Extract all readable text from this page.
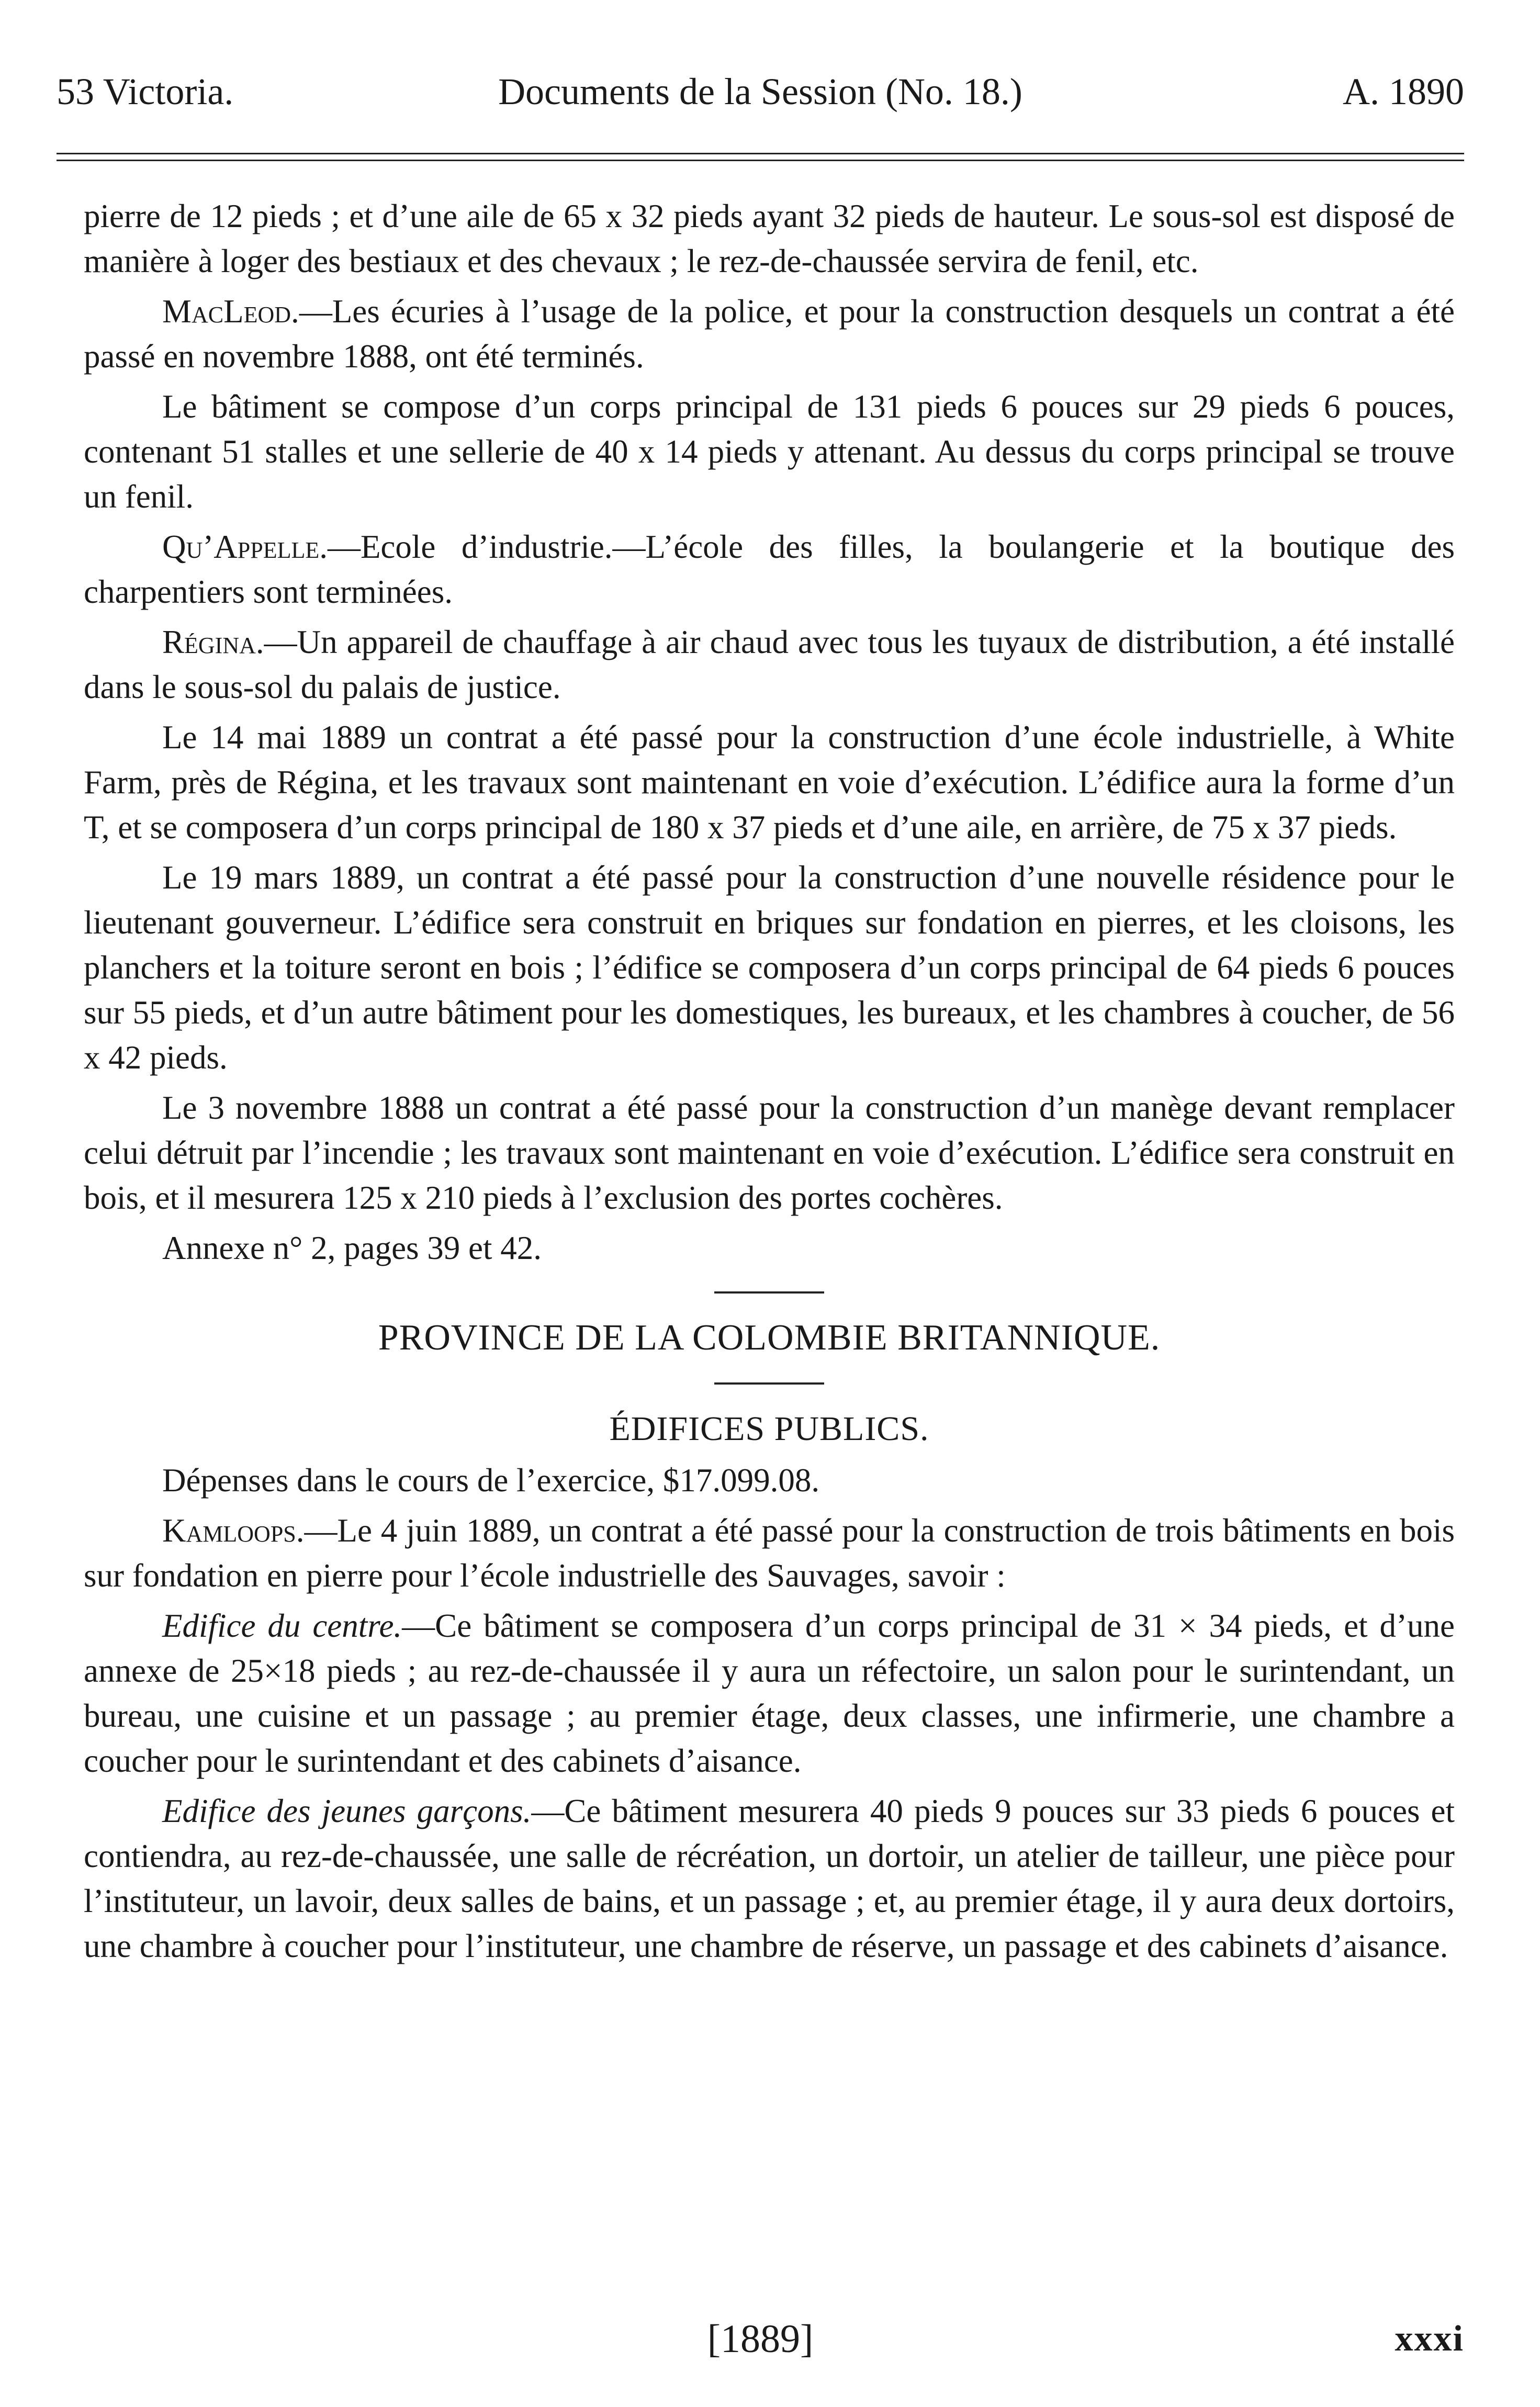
53 Victoria.	Documents de la Session (No. 18.)	A. 1890

pierre de 12 pieds ; et d’une aile de 65 x 32 pieds ayant 32 pieds de hauteur. Le sous-sol est disposé de manière à loger des bestiaux et des chevaux ; le rez-de-chaussée servira de fenil, etc.

MacLeod.—Les écuries à l’usage de la police, et pour la construction desquels un contrat a été passé en novembre 1888, ont été terminés.

Le bâtiment se compose d’un corps principal de 131 pieds 6 pouces sur 29 pieds 6 pouces, contenant 51 stalles et une sellerie de 40 x 14 pieds y attenant. Au dessus du corps principal se trouve un fenil.

Qu’Appelle.—Ecole d’industrie.—L’école des filles, la boulangerie et la boutique des charpentiers sont terminées.

Régina.—Un appareil de chauffage à air chaud avec tous les tuyaux de distribution, a été installé dans le sous-sol du palais de justice.

Le 14 mai 1889 un contrat a été passé pour la construction d’une école industrielle, à White Farm, près de Régina, et les travaux sont maintenant en voie d’exécution. L’édifice aura la forme d’un T, et se composera d’un corps principal de 180 x 37 pieds et d’une aile, en arrière, de 75 x 37 pieds.

Le 19 mars 1889, un contrat a été passé pour la construction d’une nouvelle résidence pour le lieutenant gouverneur. L’édifice sera construit en briques sur fondation en pierres, et les cloisons, les planchers et la toiture seront en bois ; l’édifice se composera d’un corps principal de 64 pieds 6 pouces sur 55 pieds, et d’un autre bâtiment pour les domestiques, les bureaux, et les chambres à coucher, de 56 x 42 pieds.

Le 3 novembre 1888 un contrat a été passé pour la construction d’un manège devant remplacer celui détruit par l’incendie ; les travaux sont maintenant en voie d’exécution. L’édifice sera construit en bois, et il mesurera 125 x 210 pieds à l’exclusion des portes cochères.

Annexe n° 2, pages 39 et 42.

PROVINCE DE LA COLOMBIE BRITANNIQUE.

ÉDIFICES PUBLICS.

Dépenses dans le cours de l’exercice, $17.099.08.

Kamloops.—Le 4 juin 1889, un contrat a été passé pour la construction de trois bâtiments en bois sur fondation en pierre pour l’école industrielle des Sauvages, savoir :

Edifice du centre.—Ce bâtiment se composera d’un corps principal de 31 × 34 pieds, et d’une annexe de 25×18 pieds ; au rez-de-chaussée il y aura un réfectoire, un salon pour le surintendant, un bureau, une cuisine et un passage ; au premier étage, deux classes, une infirmerie, une chambre a coucher pour le surintendant et des cabinets d’aisance.

Edifice des jeunes garçons.—Ce bâtiment mesurera 40 pieds 9 pouces sur 33 pieds 6 pouces et contiendra, au rez-de-chaussée, une salle de récréation, un dortoir, un atelier de tailleur, une pièce pour l’instituteur, un lavoir, deux salles de bains, et un passage ; et, au premier étage, il y aura deux dortoirs, une chambre à coucher pour l’instituteur, une chambre de réserve, un passage et des cabinets d’aisance.

[1889]	xxxi
